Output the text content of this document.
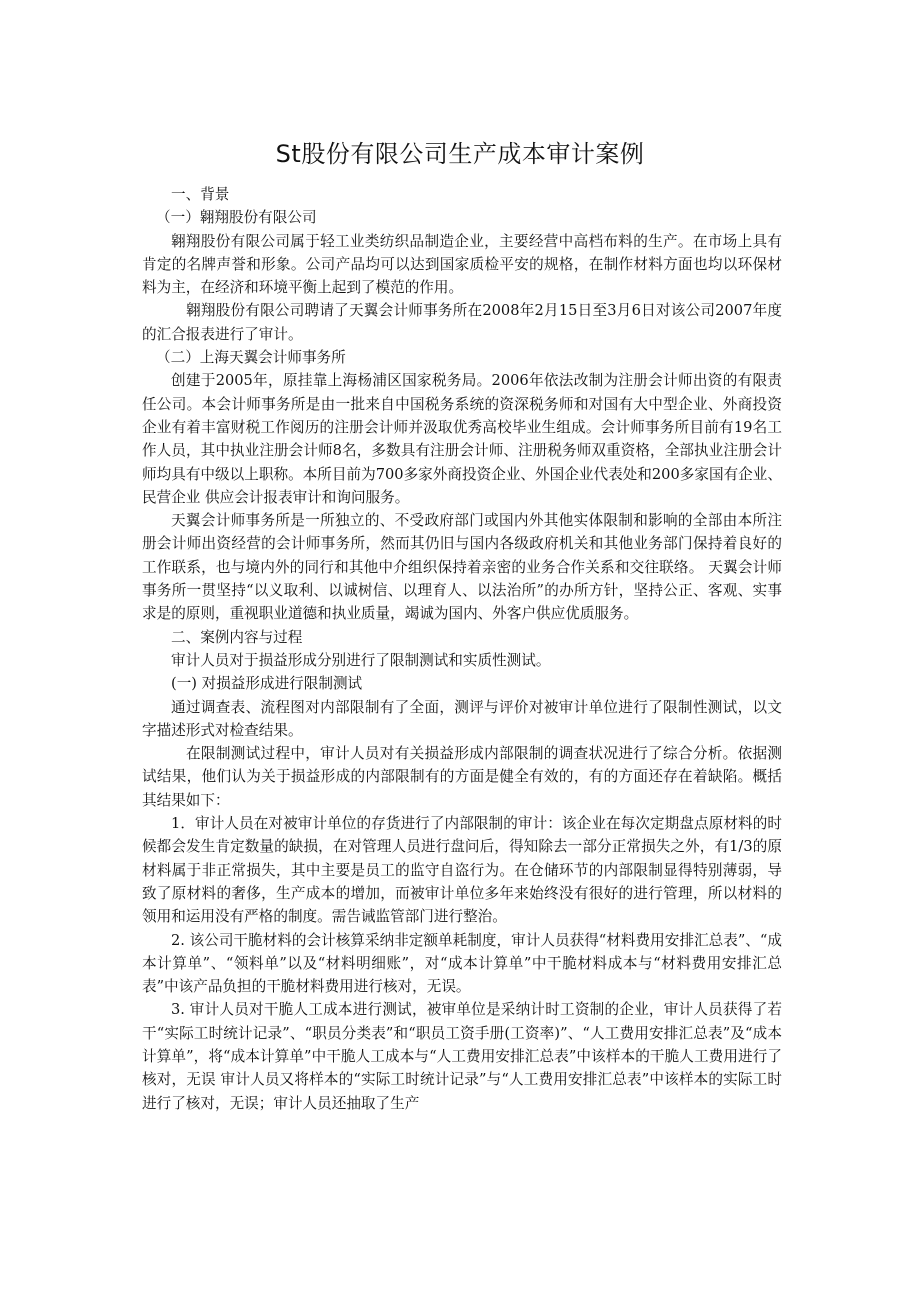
St股份有限公司生产成本审计案例

一、背景

（一）翱翔股份有限公司

翱翔股份有限公司属于轻工业类纺织品制造企业，主要经营中高档布料的生产。在市场上具有肯定的名牌声誉和形象。公司产品均可以达到国家质检平安的规格，在制作材料方面也均以环保材料为主，在经济和环境平衡上起到了模范的作用。

翱翔股份有限公司聘请了天翼会计师事务所在2008年2月15日至3月6日对该公司2007年度的汇合报表进行了审计。

（二）上海天翼会计师事务所

创建于2005年，原挂靠上海杨浦区国家税务局。2006年依法改制为注册会计师出资的有限责任公司。本会计师事务所是由一批来自中国税务系统的资深税务师和对国有大中型企业、外商投资企业有着丰富财税工作阅历的注册会计师并汲取优秀高校毕业生组成。会计师事务所目前有19名工作人员，其中执业注册会计师8名，多数具有注册会计师、注册税务师双重资格，全部执业注册会计师均具有中级以上职称。本所目前为700多家外商投资企业、外国企业代表处和200多家国有企业、民营企业 供应会计报表审计和询问服务。

天翼会计师事务所是一所独立的、不受政府部门或国内外其他实体限制和影响的全部由本所注册会计师出资经营的会计师事务所，然而其仍旧与国内各级政府机关和其他业务部门保持着良好的工作联系，也与境内外的同行和其他中介组织保持着亲密的业务合作关系和交往联络。 天翼会计师事务所一贯坚持“以义取利、以诚树信、以理育人、以法治所”的办所方针，坚持公正、客观、实事求是的原则，重视职业道德和执业质量，竭诚为国内、外客户供应优质服务。

二、案例内容与过程

审计人员对于损益形成分别进行了限制测试和实质性测试。

(一) 对损益形成进行限制测试

通过调查表、流程图对内部限制有了全面，测评与评价对被审计单位进行了限制性测试，以文字描述形式对检查结果。

在限制测试过程中，审计人员对有关损益形成内部限制的调查状况进行了综合分析。依据测试结果，他们认为关于损益形成的内部限制有的方面是健全有效的，有的方面还存在着缺陷。概括其结果如下：

1．审计人员在对被审计单位的存货进行了内部限制的审计：该企业在每次定期盘点原材料的时候都会发生肯定数量的缺损，在对管理人员进行盘问后，得知除去一部分正常损失之外，有1/3的原材料属于非正常损失，其中主要是员工的监守自盗行为。在仓储环节的内部限制显得特别薄弱，导致了原材料的奢侈，生产成本的增加，而被审计单位多年来始终没有很好的进行管理，所以材料的领用和运用没有严格的制度。需告诫监管部门进行整治。

2. 该公司干脆材料的会计核算采纳非定额单耗制度，审计人员获得“材料费用安排汇总表”、“成本计算单”、“领料单”以及“材料明细账”，对“成本计算单”中干脆材料成本与“材料费用安排汇总表”中该产品负担的干脆材料费用进行核对，无误。

3. 审计人员对干脆人工成本进行测试，被审单位是采纳计时工资制的企业，审计人员获得了若干“实际工时统计记录”、“职员分类表”和“职员工资手册(工资率)”、“人工费用安排汇总表”及“成本计算单”，将“成本计算单”中干脆人工成本与“人工费用安排汇总表”中该样本的干脆人工费用进行了核对，无误 审计人员又将样本的“实际工时统计记录”与“人工费用安排汇总表”中该样本的实际工时进行了核对，无误；审计人员还抽取了生产
